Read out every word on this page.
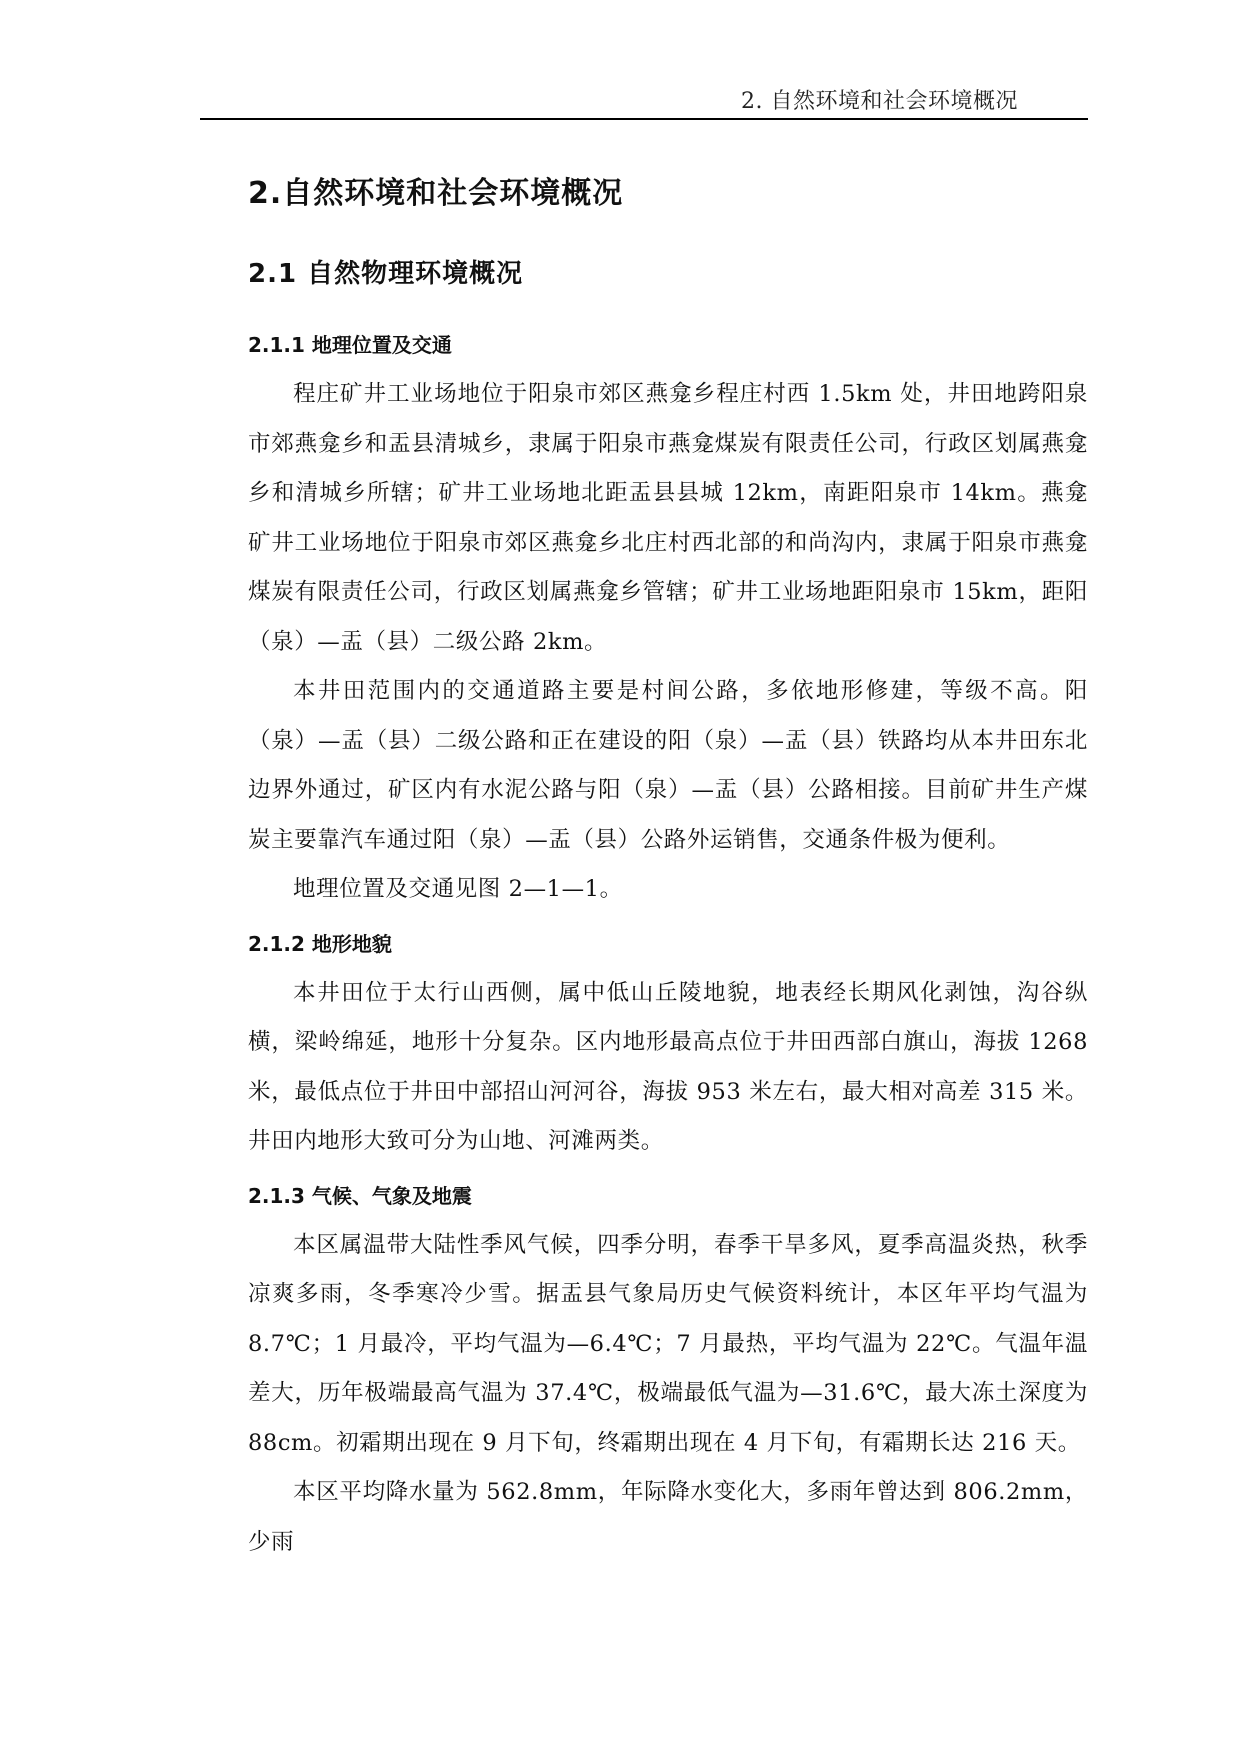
2. 自然环境和社会环境概况
2.自然环境和社会环境概况
2.1 自然物理环境概况
2.1.1 地理位置及交通

程庄矿井工业场地位于阳泉市郊区燕龛乡程庄村西 1.5km 处，井田地跨阳泉市郊燕龛乡和盂县清城乡，隶属于阳泉市燕龛煤炭有限责任公司，行政区划属燕龛乡和清城乡所辖；矿井工业场地北距盂县县城 12km，南距阳泉市 14km。燕龛矿井工业场地位于阳泉市郊区燕龛乡北庄村西北部的和尚沟内，隶属于阳泉市燕龛煤炭有限责任公司，行政区划属燕龛乡管辖；矿井工业场地距阳泉市 15km，距阳（泉）—盂（县）二级公路 2km。

本井田范围内的交通道路主要是村间公路，多依地形修建，等级不高。阳（泉）—盂（县）二级公路和正在建设的阳（泉）—盂（县）铁路均从本井田东北边界外通过，矿区内有水泥公路与阳（泉）—盂（县）公路相接。目前矿井生产煤炭主要靠汽车通过阳（泉）—盂（县）公路外运销售，交通条件极为便利。

地理位置及交通见图 2—1—1。

2.1.2 地形地貌

本井田位于太行山西侧，属中低山丘陵地貌，地表经长期风化剥蚀，沟谷纵横，梁岭绵延，地形十分复杂。区内地形最高点位于井田西部白旗山，海拔 1268 米，最低点位于井田中部招山河河谷，海拔 953 米左右，最大相对高差 315 米。井田内地形大致可分为山地、河滩两类。

2.1.3 气候、气象及地震

本区属温带大陆性季风气候，四季分明，春季干旱多风，夏季高温炎热，秋季凉爽多雨，冬季寒冷少雪。据盂县气象局历史气候资料统计，本区年平均气温为 8.7℃；1 月最冷，平均气温为—6.4℃；7 月最热，平均气温为 22℃。气温年温差大，历年极端最高气温为 37.4℃，极端最低气温为—31.6℃，最大冻土深度为 88cm。初霜期出现在 9 月下旬，终霜期出现在 4 月下旬，有霜期长达 216 天。

本区平均降水量为 562.8mm，年际降水变化大，多雨年曾达到 806.2mm，少雨
